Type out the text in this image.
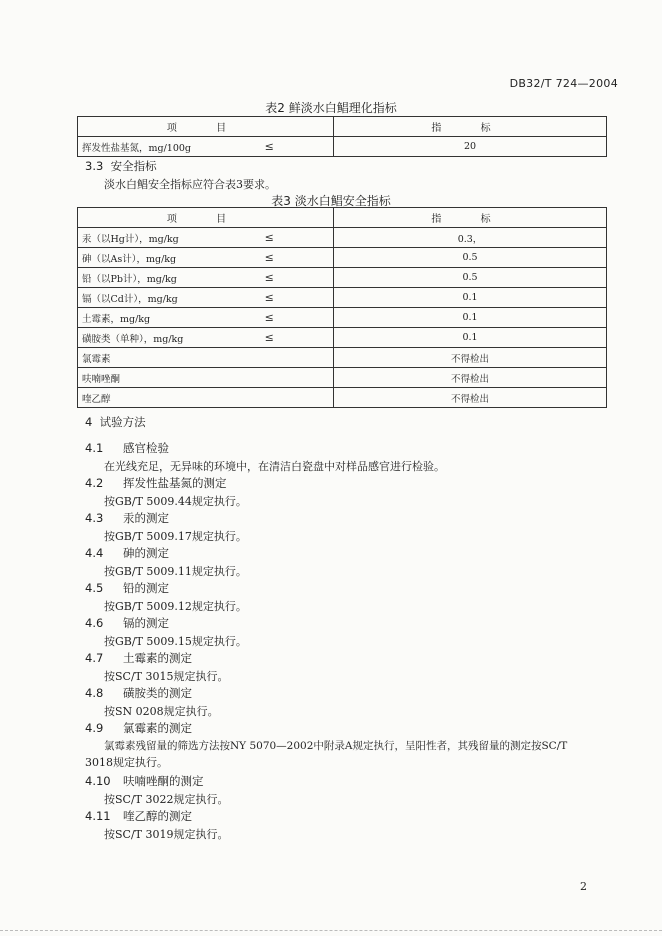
DB32/T 724—2004
表2 鲜淡水白鲳理化指标
项 目		指 标
挥发性盐基氮，mg/100g	≤	20
3.3 安全指标
淡水白鲳安全指标应符合表3要求。
表3 淡水白鲳安全指标
项 目		指 标
汞（以Hg计），mg/kg	≤	0.3，
砷（以As计），mg/kg	≤	0.5
铅（以Pb计），mg/kg	≤	0.5
镉（以Cd计），mg/kg	≤	0.1
土霉素，mg/kg	≤	0.1
磺胺类（单种），mg/kg	≤	0.1
氯霉素		不得检出
呋喃唑酮		不得检出
喹乙醇		不得检出
4 试验方法
4.1 感官检验
在光线充足，无异味的环境中，在清洁白瓷盘中对样品感官进行检验。
4.2 挥发性盐基氮的测定
按GB/T 5009.44规定执行。
4.3 汞的测定
按GB/T 5009.17规定执行。
4.4 砷的测定
按GB/T 5009.11规定执行。
4.5 铅的测定
按GB/T 5009.12规定执行。
4.6 镉的测定
按GB/T 5009.15规定执行。
4.7 土霉素的测定
按SC/T 3015规定执行。
4.8 磺胺类的测定
按SN 0208规定执行。
4.9 氯霉素的测定
氯霉素残留量的筛选方法按NY 5070—2002中附录A规定执行，呈阳性者，其残留量的测定按SC/T
3018规定执行。
4.10 呋喃唑酮的测定
按SC/T 3022规定执行。
4.11 喹乙醇的测定
按SC/T 3019规定执行。
2
